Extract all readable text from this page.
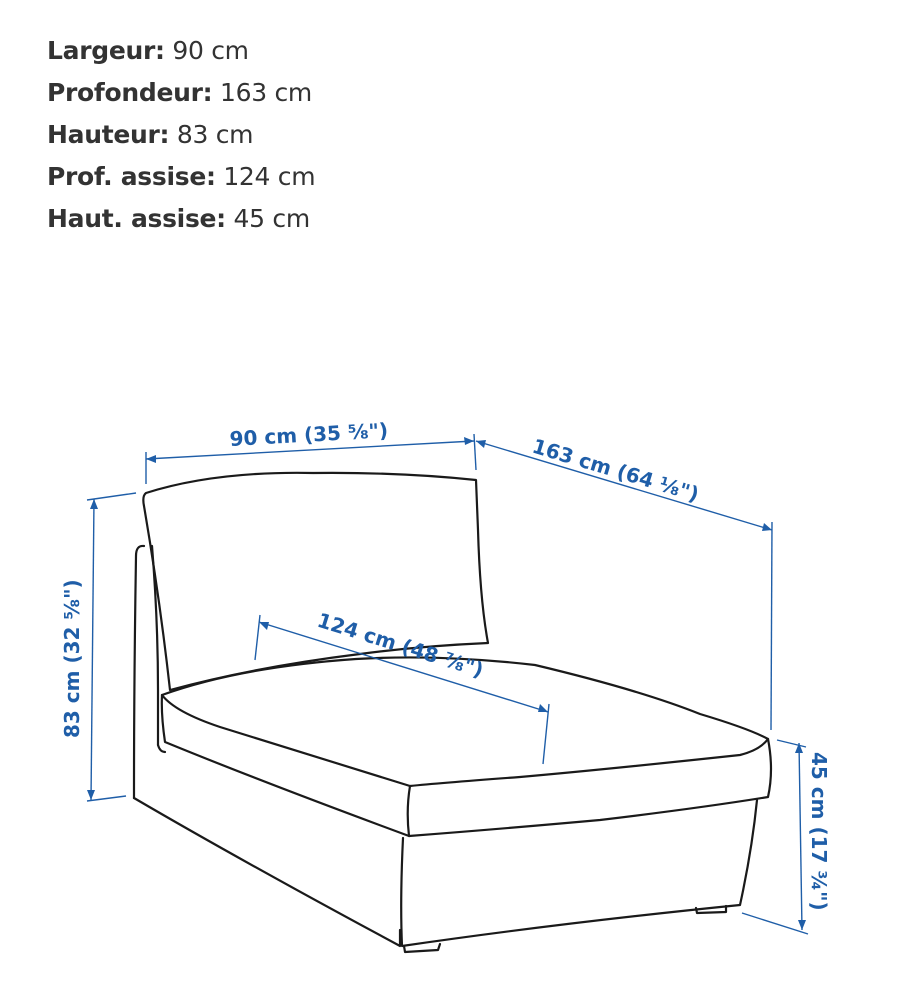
Largeur: 90 cm
Profondeur: 163 cm
Hauteur: 83 cm
Prof. assise: 124 cm
Haut. assise: 45 cm
90 cm (35 ⅝")	163 cm (64 ⅛")
83 cm (32 ⅝")	124 cm (48 ⅞")
45 cm (17 ¾")
